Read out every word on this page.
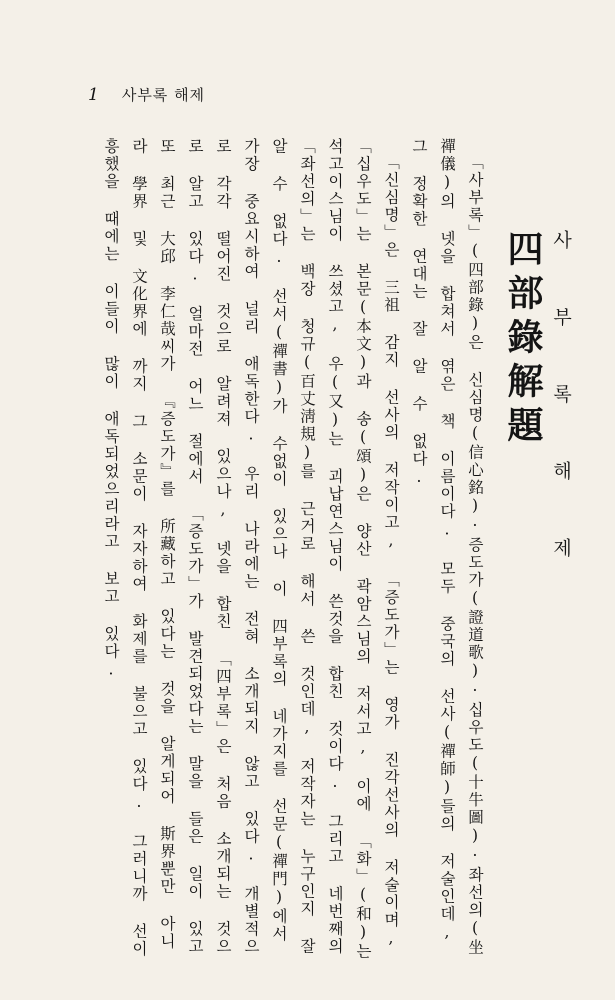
1 사부록 해제
사 부 록 해 제
四部錄解題

「사부록」(四部錄)은 신심명(信心銘)·증도가(證道歌)·십우도(十牛圖)·좌선의(坐禪儀)의 넷을 합쳐서 엮은 책 이름이다. 모두 중국의 선사(禪師)들의 저술인데, 그 정확한 연대는 잘 알 수 없다.

「신심명」은 三祖 감지 선사의 저작이고, 「증도가」는 영가 진각선사의 저술이며, 「십우도」는 본문(本文)과 송(頌)은 양산 곽암스님의 저서고, 이에 「화」(和)는 석고이스님이 쓰셨고, 우(又)는 괴납연스님이 쓴것을 합친 것이다. 그리고 네번째의 「좌선의」는 백장 청규(百丈淸規)를 근거로 해서 쓴 것인데, 저작자는 누구인지 잘 알 수 없다. 선서(禪書)가 수없이 있으나 이 四부록의 네가지를 선문(禪門)에서 가장 중요시하여 널리 애독한다. 우리 나라에는 전혀 소개되지 않고 있다. 개별적으로 각각 떨어진 것으로 알려져 있으나, 넷을 합친 「四부록」은 처음 소개되는 것으로 알고 있다. 얼마전 어느 절에서 「증도가」가 발견되었다는 말을 들은 일이 있고 또 최근 大邱 李仁哉씨가 『증도가』를 所藏하고 있다는 것을 알게되어 斯界뿐만 아니라 學界 및 文化界에 까지 그 소문이 자자하여 화제를 불으고 있다. 그러니까 선이 흥했을 때에는 이들이 많이 애독되었으리라고 보고 있다.
